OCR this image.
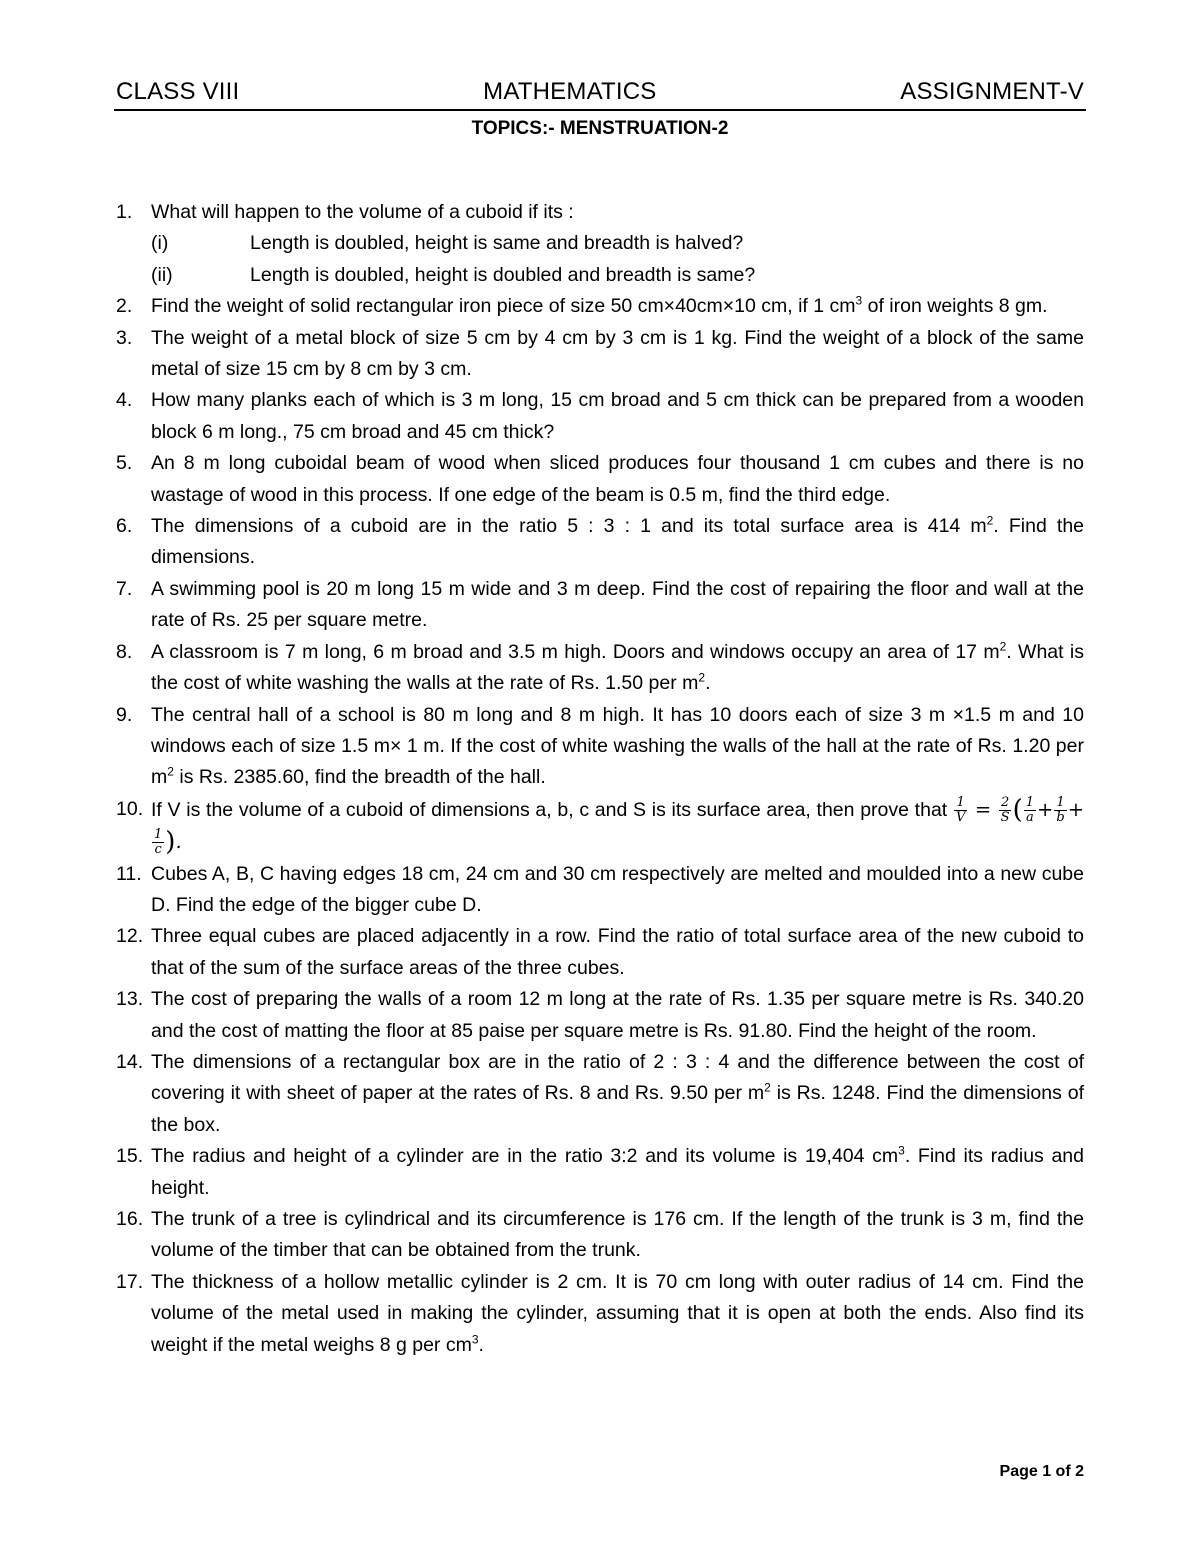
CLASS VIII	MATHEMATICS	ASSIGNMENT-V
TOPICS:- MENSTRUATION-2
1. What will happen to the volume of a cuboid if its :
(i)	Length is doubled, height is same and breadth is halved?
(ii)	Length is doubled, height is doubled and breadth is same?
2. Find the weight of solid rectangular iron piece of size 50 cm×40cm×10 cm, if 1 $cm^3$ of iron weights 8 gm.
3. The weight of a metal block of size 5 cm by 4 cm by 3 cm is 1 kg. Find the weight of a block of the same metal of size 15 cm by 8 cm by 3 cm.
4. How many planks each of which is 3 m long, 15 cm broad and 5 cm thick can be prepared from a wooden block 6 m long., 75 cm broad and 45 cm thick?
5. An 8 m long cuboidal beam of wood when sliced produces four thousand 1 cm cubes and there is no wastage of wood in this process. If one edge of the beam is 0.5 m, find the third edge.
6. The dimensions of a cuboid are in the ratio 5 : 3 : 1 and its total surface area is 414 $m^2$. Find the dimensions.
7. A swimming pool is 20 m long 15 m wide and 3 m deep. Find the cost of repairing the floor and wall at the rate of Rs. 25 per square metre.
8. A classroom is 7 m long, 6 m broad and 3.5 m high. Doors and windows occupy an area of 17 $m^2$. What is the cost of white washing the walls at the rate of Rs. 1.50 per $m^2$.
9. The central hall of a school is 80 m long and 8 m high. It has 10 doors each of size 3 m ×1.5 m and 10 windows each of size 1.5 m× 1 m. If the cost of white washing the walls of the hall at the rate of Rs. 1.20 per $m^2$ is Rs. 2385.60, find the breadth of the hall.
10. If V is the volume of a cuboid of dimensions a, b, c and S is its surface area, then prove that $\frac{1}{V} = \frac{2}{S}$ ( $\frac{1}{a} + \frac{1}{b}$ +
$\frac{1}{c}$ ).
11. Cubes A, B, C having edges 18 cm, 24 cm and 30 cm respectively are melted and moulded into a new cube D. Find the edge of the bigger cube D.
12. Three equal cubes are placed adjacently in a row. Find the ratio of total surface area of the new cuboid to that of the sum of the surface areas of the three cubes.
13. The cost of preparing the walls of a room 12 m long at the rate of Rs. 1.35 per square metre is Rs. 340.20 and the cost of matting the floor at 85 paise per square metre is Rs. 91.80. Find the height of the room.
14. The dimensions of a rectangular box are in the ratio of 2 : 3 : 4 and the difference between the cost of covering it with sheet of paper at the rates of Rs. 8 and Rs. 9.50 per $m^2$ is Rs. 1248. Find the dimensions of the box.
15. The radius and height of a cylinder are in the ratio 3:2 and its volume is 19,404 $cm^3$. Find its radius and height.
16. The trunk of a tree is cylindrical and its circumference is 176 cm. If the length of the trunk is 3 m, find the volume of the timber that can be obtained from the trunk.
17. The thickness of a hollow metallic cylinder is 2 cm. It is 70 cm long with outer radius of 14 cm. Find the volume of the metal used in making the cylinder, assuming that it is open at both the ends. Also find its weight if the metal weighs 8 g per $cm^3$.
Page 1 of 2
